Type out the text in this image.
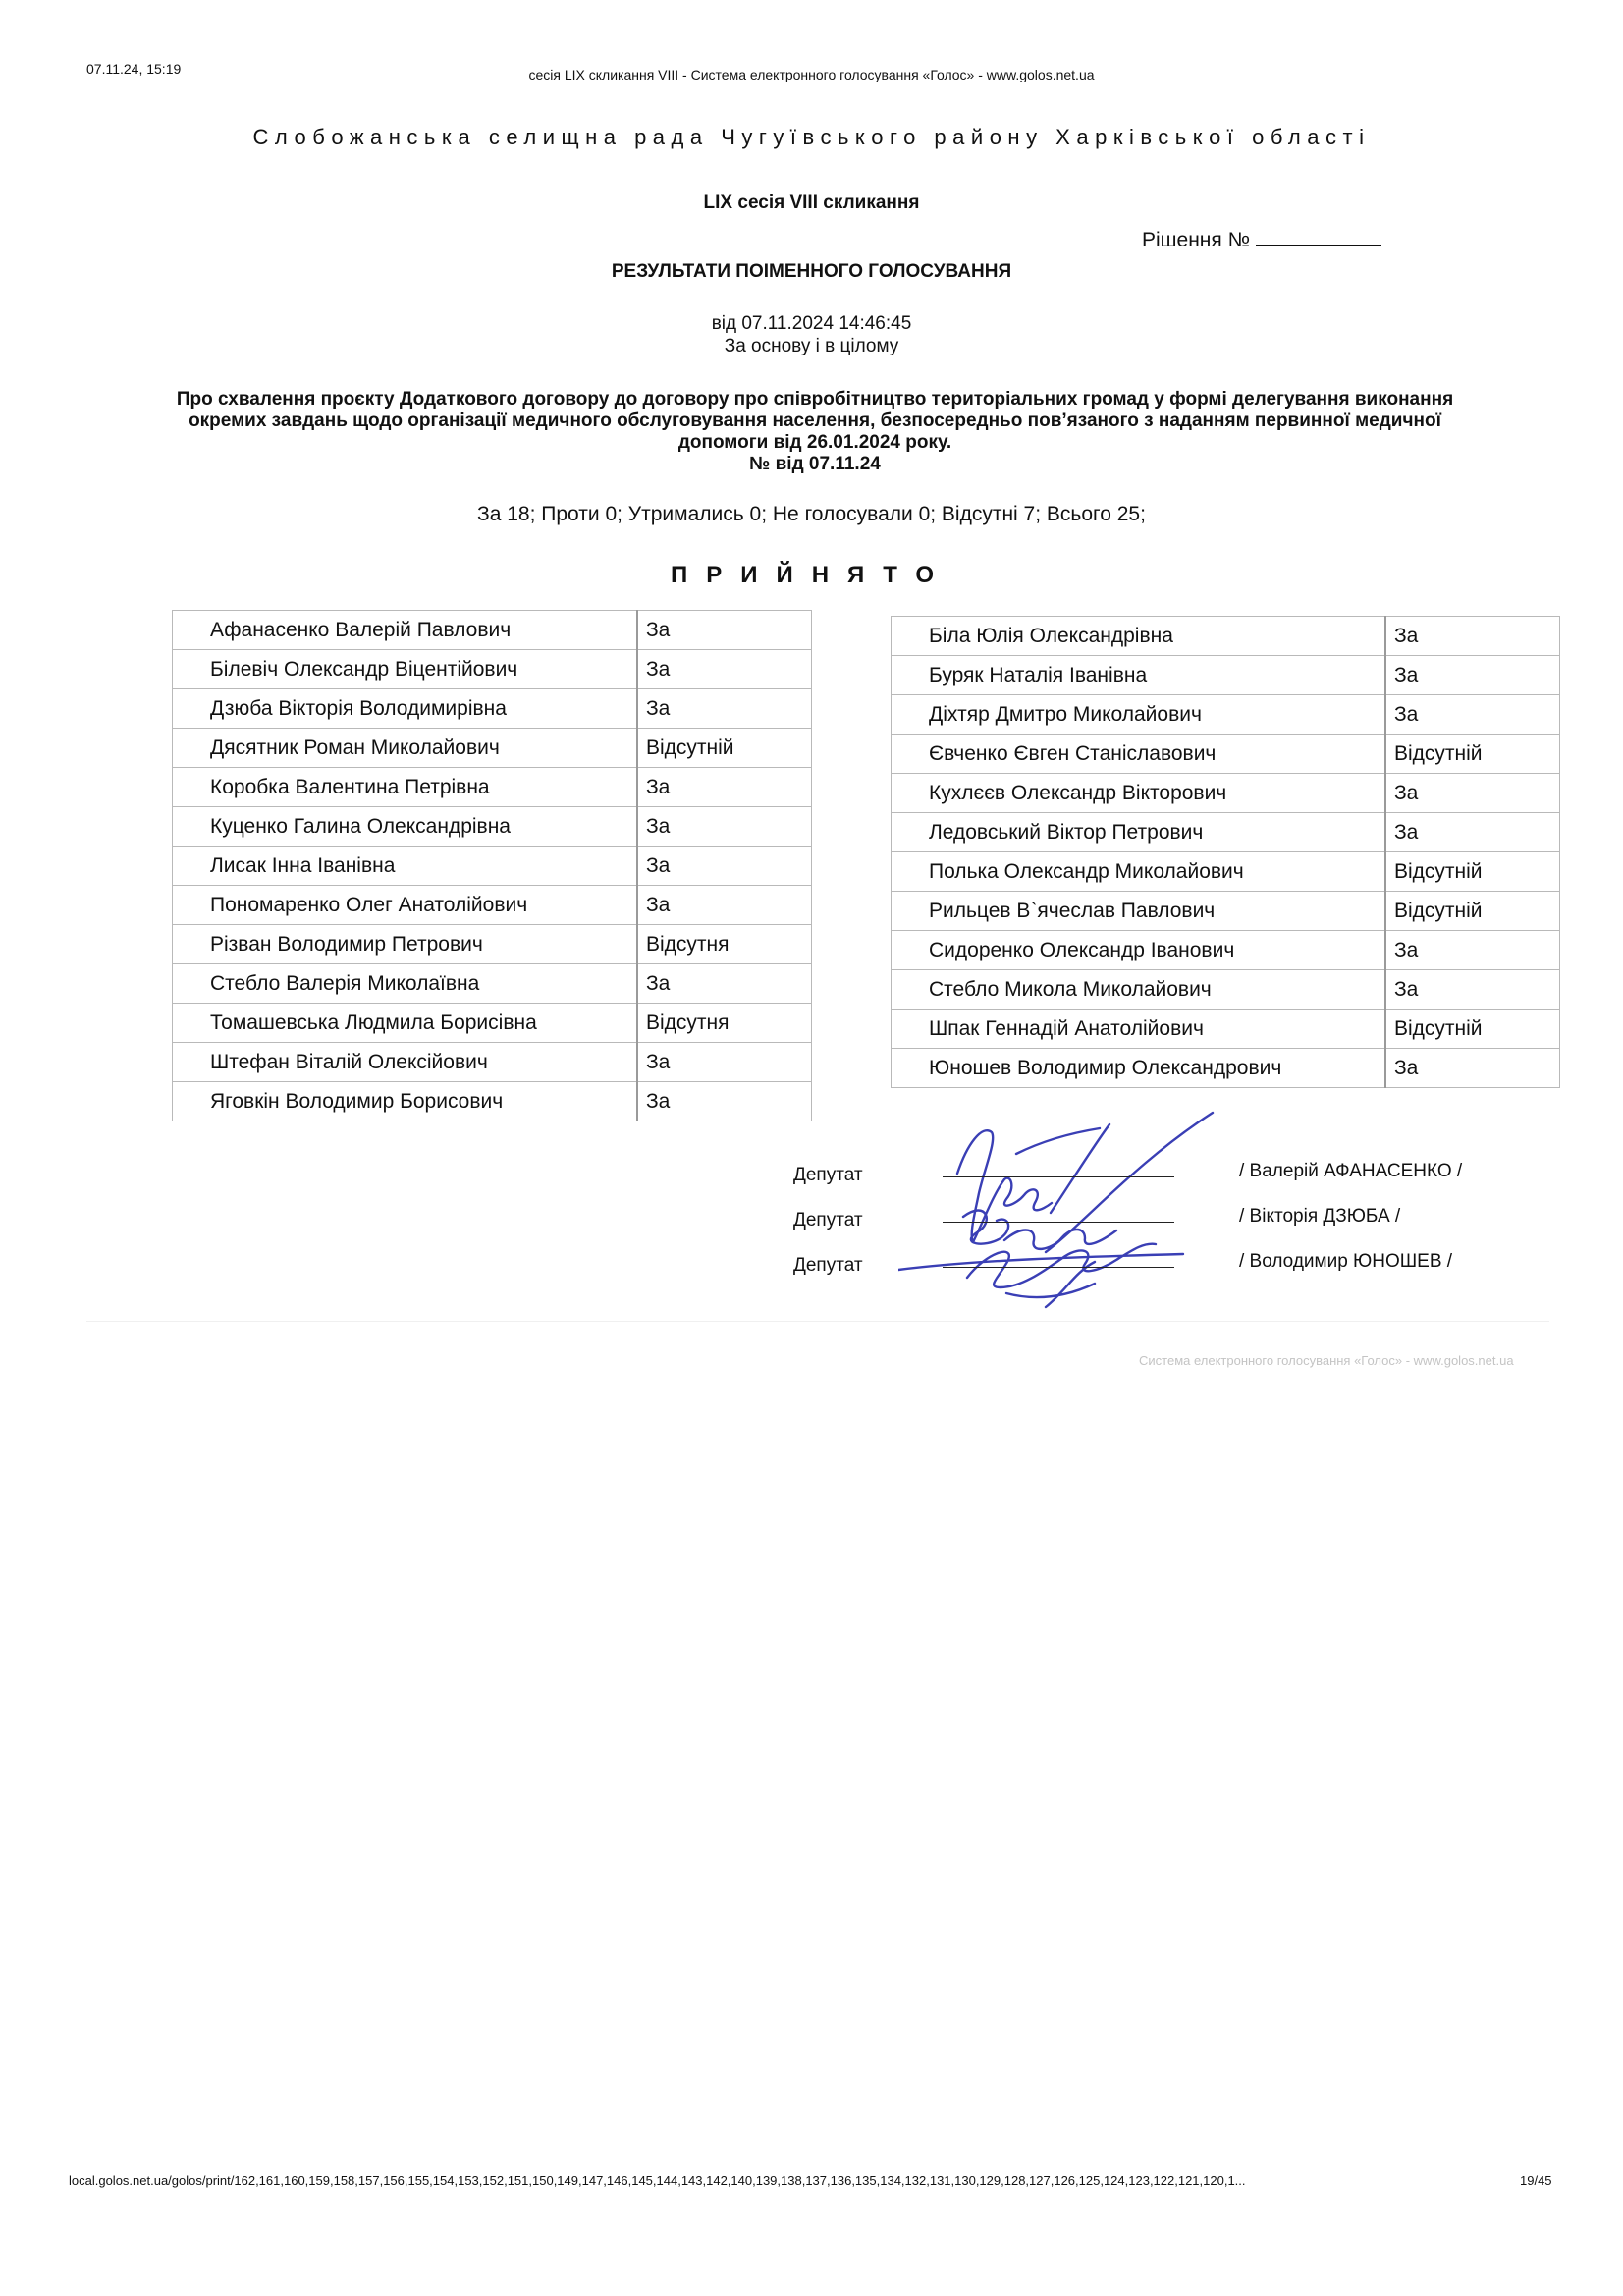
07.11.24, 15:19	сесія LIX скликання VIII - Система електронного голосування «Голос» - www.golos.net.ua
Слобожанська селищна рада Чугуївського району Харківської області
LIX сесія VIII скликання
Рішення №
РЕЗУЛЬТАТИ ПОІМЕННОГО ГОЛОСУВАННЯ
від 07.11.2024 14:46:45
За основу і в цілому
Про схвалення проєкту Додаткового договору до договору про співробітництво територіальних громад у формі делегування виконання окремих завдань щодо організації медичного обслуговування населення, безпосередньо пов’язаного з наданням первинної медичної допомоги від 26.01.2024 року.
№ від 07.11.24
За 18; Проти 0; Утримались 0; Не голосували 0; Відсутні 7; Всього 25;
ПРИЙНЯТО
Афанасенко Валерій Павлович	За
Білевіч Олександр Віцентійович	За
Дзюба Вікторія Володимирівна	За
Дясятник Роман Миколайович	Відсутній
Коробка Валентина Петрівна	За
Куценко Галина Олександрівна	За
Лисак Інна Іванівна	За
Пономаренко Олег Анатолійович	За
Різван Володимир Петрович	Відсутня
Стебло Валерія Миколаївна	За
Томашевська Людмила Борисівна	Відсутня
Штефан Віталій Олексійович	За
Яговкін Володимир Борисович	За
Біла Юлія Олександрівна	За
Буряк Наталія Іванівна	За
Діхтяр Дмитро Миколайович	За
Євченко Євген Станіславович	Відсутній
Кухлєєв Олександр Вікторович	За
Ледовський Віктор Петрович	За
Полька Олександр Миколайович	Відсутній
Рильцев В`ячеслав Павлович	Відсутній
Сидоренко Олександр Іванович	За
Стебло Микола Миколайович	За
Шпак Геннадій Анатолійович	Відсутній
Юношев Володимир Олександрович	За
Депутат	/ Валерій АФАНАСЕНКО /
Депутат	/ Вікторія ДЗЮБА /
Депутат	/ Володимир ЮНОШЕВ /
Система електронного голосування «Голос» - www.golos.net.ua
local.golos.net.ua/golos/print/162,161,160,159,158,157,156,155,154,153,152,151,150,149,147,146,145,144,143,142,140,139,138,137,136,135,134,132,131,130,129,128,127,126,125,124,123,122,121,120,1...	19/45
